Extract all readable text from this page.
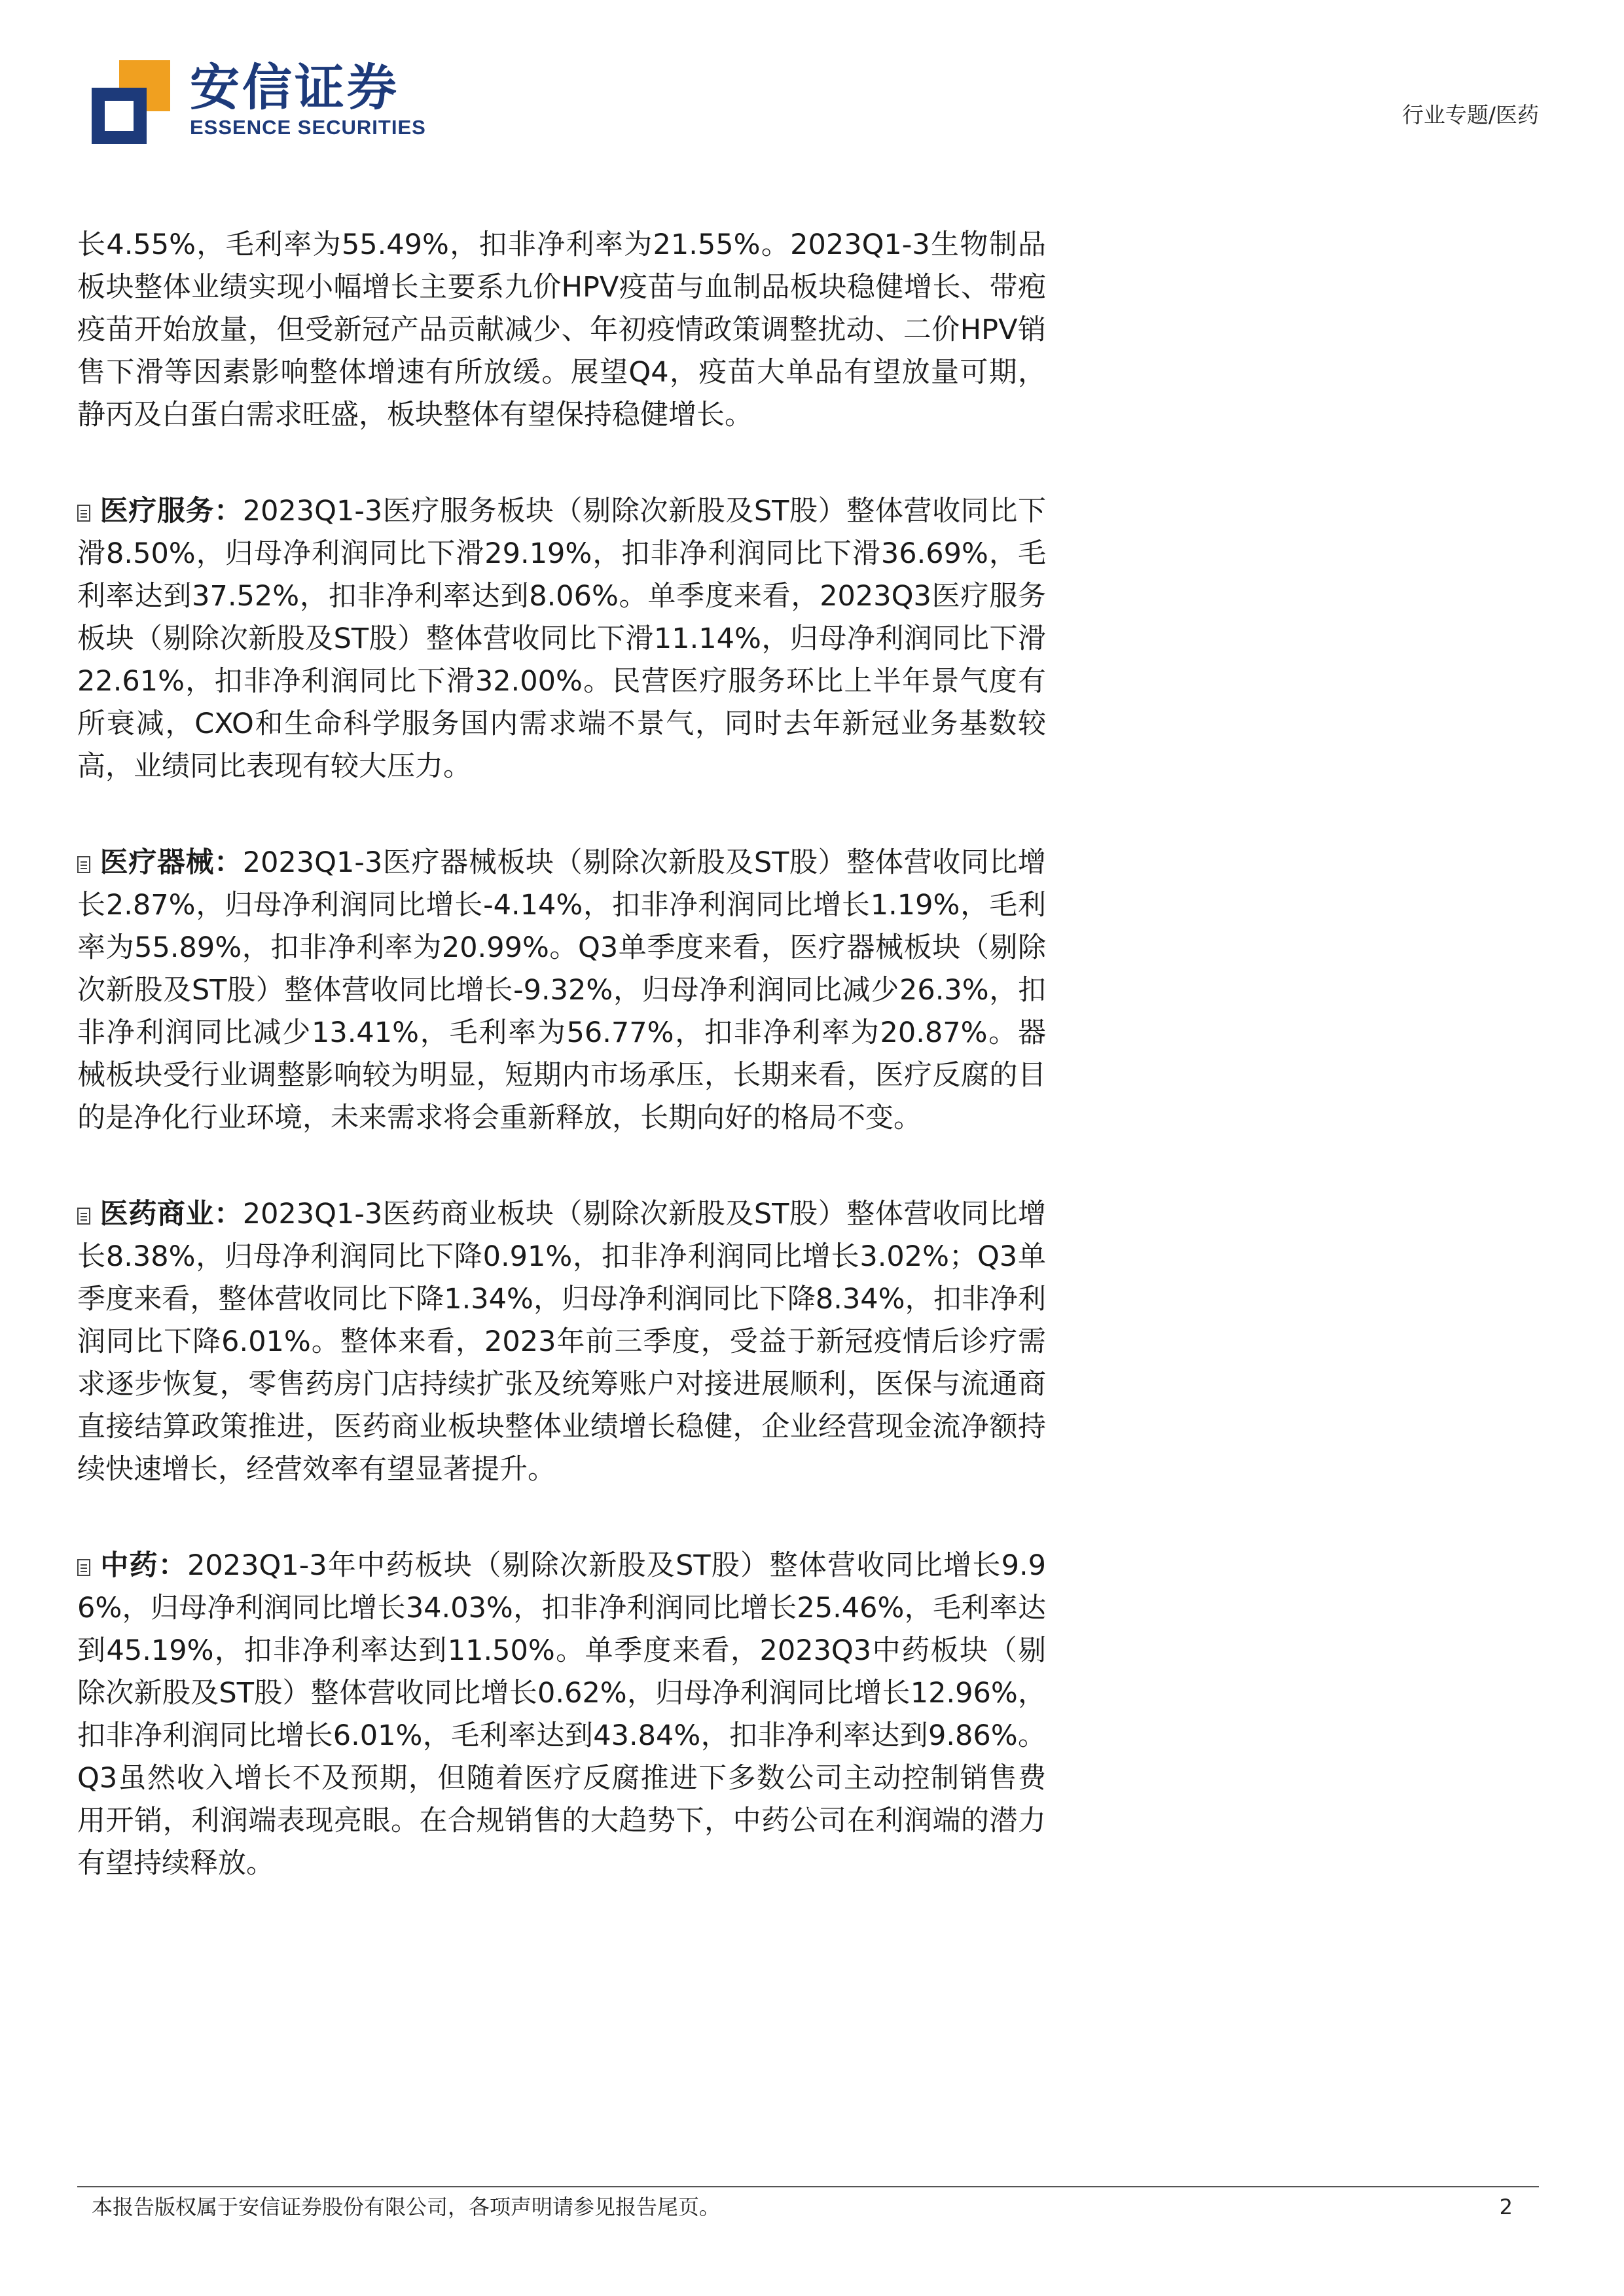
安信证券
ESSENCE SECURITIES	行业专题/医药

长4.55%，毛利率为55.49%，扣非净利率为21.55%。2023Q1-3生物制品板块整体业绩实现小幅增长主要系九价HPV疫苗与血制品板块稳健增长、带疱疫苗开始放量，但受新冠产品贡献减少、年初疫情政策调整扰动、二价HPV销售下滑等因素影响整体增速有所放缓。展望Q4，疫苗大单品有望放量可期，静丙及白蛋白需求旺盛，板块整体有望保持稳健增长。

医疗服务：2023Q1-3医疗服务板块（剔除次新股及ST股）整体营收同比下滑8.50%，归母净利润同比下滑29.19%，扣非净利润同比下滑36.69%，毛利率达到37.52%，扣非净利率达到8.06%。单季度来看，2023Q3医疗服务板块（剔除次新股及ST股）整体营收同比下滑11.14%，归母净利润同比下滑22.61%，扣非净利润同比下滑32.00%。民营医疗服务环比上半年景气度有所衰减，CXO和生命科学服务国内需求端不景气，同时去年新冠业务基数较高，业绩同比表现有较大压力。

医疗器械：2023Q1-3医疗器械板块（剔除次新股及ST股）整体营收同比增长2.87%，归母净利润同比增长-4.14%，扣非净利润同比增长1.19%，毛利率为55.89%，扣非净利率为20.99%。Q3单季度来看，医疗器械板块（剔除次新股及ST股）整体营收同比增长-9.32%，归母净利润同比减少26.3%，扣非净利润同比减少13.41%，毛利率为56.77%，扣非净利率为20.87%。器械板块受行业调整影响较为明显，短期内市场承压，长期来看，医疗反腐的目的是净化行业环境，未来需求将会重新释放，长期向好的格局不变。

医药商业：2023Q1-3医药商业板块（剔除次新股及ST股）整体营收同比增长8.38%，归母净利润同比下降0.91%，扣非净利润同比增长3.02%；Q3单季度来看，整体营收同比下降1.34%，归母净利润同比下降8.34%，扣非净利润同比下降6.01%。整体来看，2023年前三季度，受益于新冠疫情后诊疗需求逐步恢复，零售药房门店持续扩张及统筹账户对接进展顺利，医保与流通商直接结算政策推进，医药商业板块整体业绩增长稳健，企业经营现金流净额持续快速增长，经营效率有望显著提升。

中药：2023Q1-3年中药板块（剔除次新股及ST股）整体营收同比增长9.96%，归母净利润同比增长34.03%，扣非净利润同比增长25.46%，毛利率达到45.19%，扣非净利率达到11.50%。单季度来看，2023Q3中药板块（剔除次新股及ST股）整体营收同比增长0.62%，归母净利润同比增长12.96%，扣非净利润同比增长6.01%，毛利率达到43.84%，扣非净利率达到9.86%。Q3虽然收入增长不及预期，但随着医疗反腐推进下多数公司主动控制销售费用开销，利润端表现亮眼。在合规销售的大趋势下，中药公司在利润端的潜力有望持续释放。

本报告版权属于安信证券股份有限公司，各项声明请参见报告尾页。	2
